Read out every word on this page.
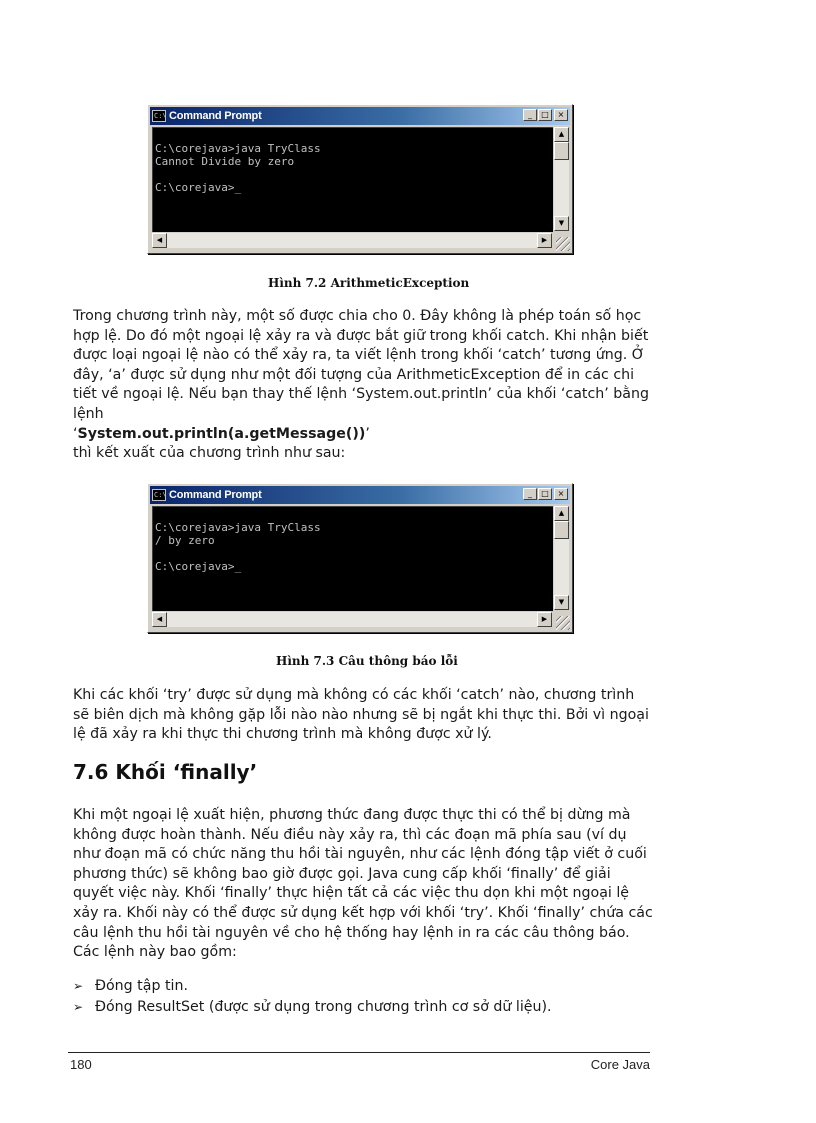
C:\ Command Prompt	_	□	×
C:\corejava>java TryClass
Cannot Divide by zero

C:\corejava>_
▲
▼
◀	▶
Hình 7.2 ArithmeticException

Trong chương trình này, một số được chia cho 0. Đây không là phép toán số học hợp lệ. Do đó một ngoại lệ xảy ra và được bắt giữ trong khối catch. Khi nhận biết được loại ngoại lệ nào có thể xảy ra, ta viết lệnh trong khối ‘catch’ tương ứng. Ở đây, ‘a’ được sử dụng như một đối tượng của ArithmeticException để in các chi tiết về ngoại lệ. Nếu bạn thay thế lệnh ‘System.out.println’ của khối ‘catch’ bằng lệnh
‘System.out.println(a.getMessage())’
thì kết xuất của chương trình như sau:

C:\ Command Prompt	_	□	×
C:\corejava>java TryClass
/ by zero

C:\corejava>_
▲
▼
◀	▶
Hình 7.3 Câu thông báo lỗi

Khi các khối ‘try’ được sử dụng mà không có các khối ‘catch’ nào, chương trình sẽ biên dịch mà không gặp lỗi nào nào nhưng sẽ bị ngắt khi thực thi. Bởi vì ngoại lệ đã xảy ra khi thực thi chương trình mà không được xử lý.

7.6 Khối ‘finally’

Khi một ngoại lệ xuất hiện, phương thức đang được thực thi có thể bị dừng mà không được hoàn thành. Nếu điều này xảy ra, thì các đoạn mã phía sau (ví dụ như đoạn mã có chức năng thu hồi tài nguyên, như các lệnh đóng tập viết ở cuối phương thức) sẽ không bao giờ được gọi. Java cung cấp khối ‘finally’ để giải quyết việc này. Khối ‘finally’ thực hiện tất cả các việc thu dọn khi một ngoại lệ xảy ra. Khối này có thể được sử dụng kết hợp với khối ‘try’. Khối ‘finally’ chứa các câu lệnh thu hồi tài nguyên về cho hệ thống hay lệnh in ra các câu thông báo. Các lệnh này bao gồm:

➢ Đóng tập tin.
➢ Đóng ResultSet (được sử dụng trong chương trình cơ sở dữ liệu).
180	Core Java
